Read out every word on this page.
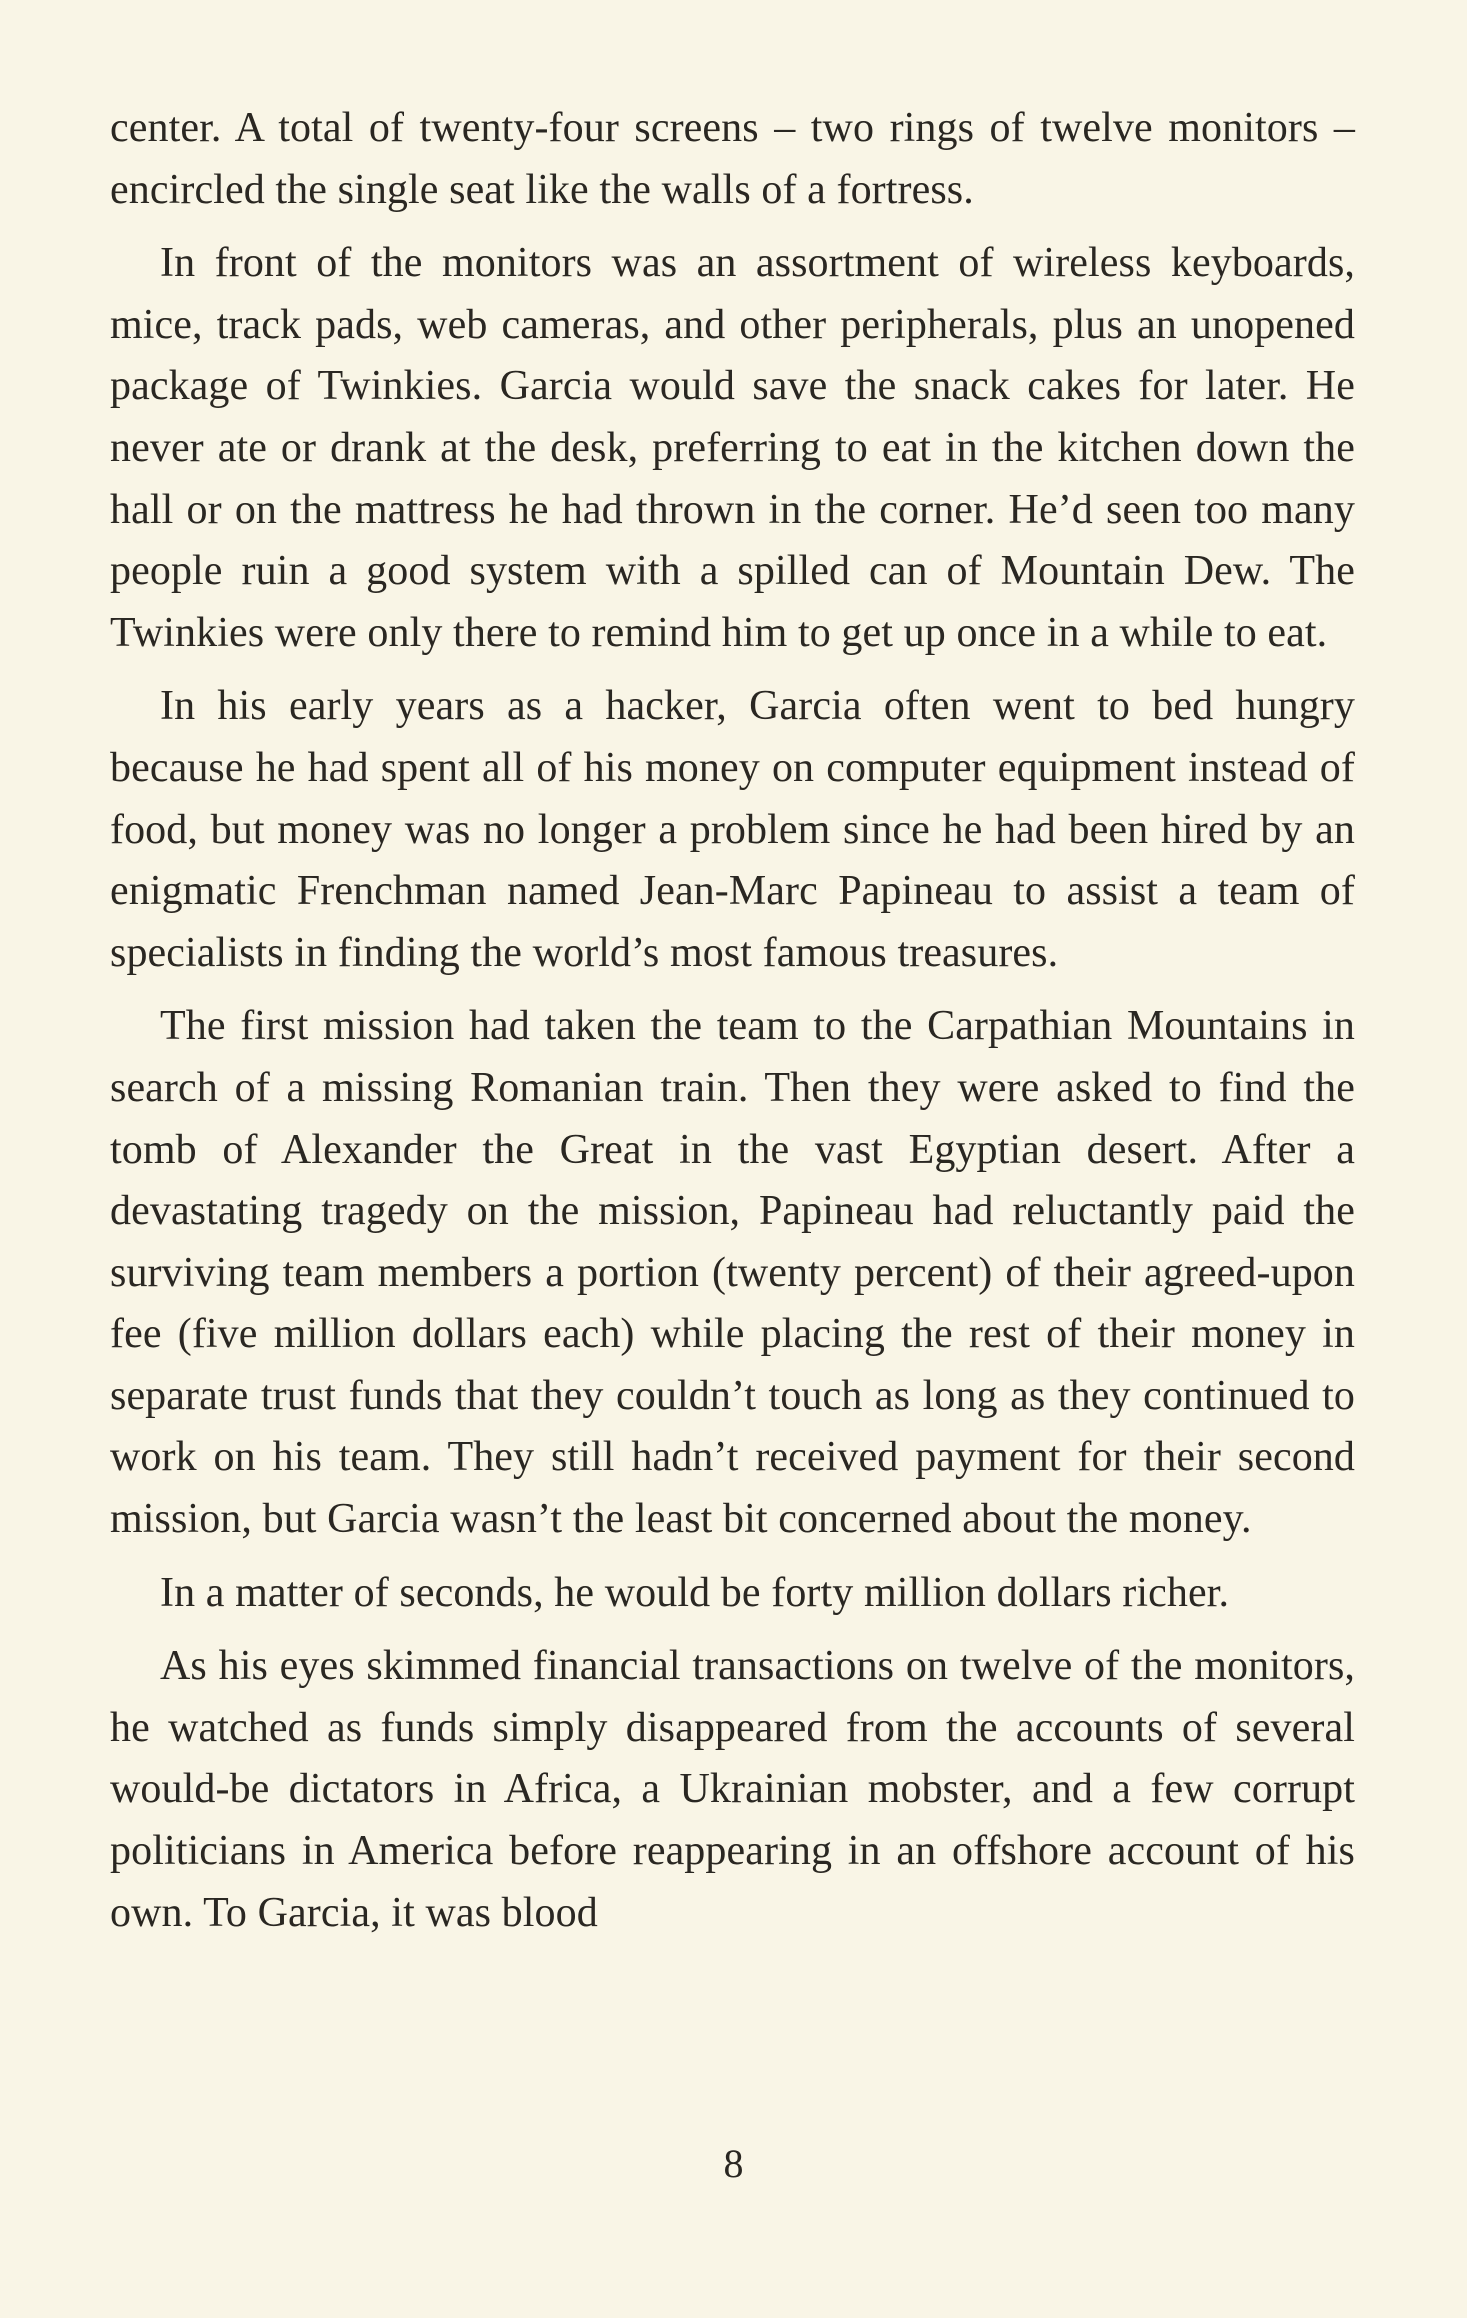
center. A total of twenty-four screens – two rings of twelve monitors – encircled the single seat like the walls of a fortress.

In front of the monitors was an assortment of wireless keyboards, mice, track pads, web cameras, and other peripherals, plus an unopened package of Twinkies. Garcia would save the snack cakes for later. He never ate or drank at the desk, preferring to eat in the kitchen down the hall or on the mattress he had thrown in the corner. He’d seen too many people ruin a good system with a spilled can of Mountain Dew. The Twinkies were only there to remind him to get up once in a while to eat.

In his early years as a hacker, Garcia often went to bed hungry because he had spent all of his money on computer equipment instead of food, but money was no longer a problem since he had been hired by an enigmatic Frenchman named Jean-Marc Papineau to assist a team of specialists in finding the world’s most famous treasures.

The first mission had taken the team to the Carpathian Mountains in search of a missing Romanian train. Then they were asked to find the tomb of Alexander the Great in the vast Egyptian desert. After a devastating tragedy on the mission, Papineau had reluctantly paid the surviving team members a portion (twenty percent) of their agreed-upon fee (five million dollars each) while placing the rest of their money in separate trust funds that they couldn’t touch as long as they continued to work on his team. They still hadn’t received payment for their second mission, but Garcia wasn’t the least bit concerned about the money.

In a matter of seconds, he would be forty million dollars richer.

As his eyes skimmed financial transactions on twelve of the monitors, he watched as funds simply disappeared from the accounts of several would-be dictators in Africa, a Ukrainian mobster, and a few corrupt politicians in America before reappearing in an offshore account of his own. To Garcia, it was blood

8
